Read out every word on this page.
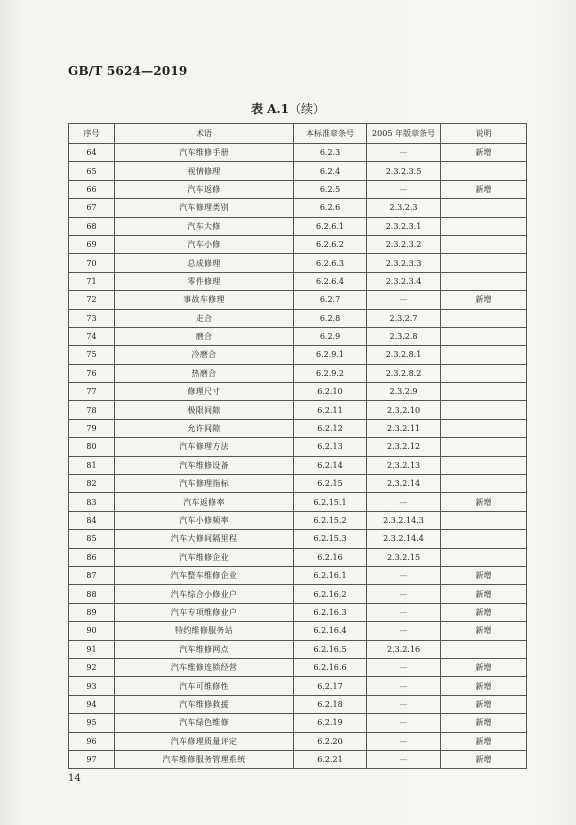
GB/T 5624—2019
表 A.1（续）
序号	术语	本标准章条号	2005 年版章条号	说明
64	汽车维修手册	6.2.3	—	新增
65	视情修理	6.2.4	2.3.2.3.5	
66	汽车返修	6.2.5	—	新增
67	汽车修理类别	6.2.6	2.3.2.3	
68	汽车大修	6.2.6.1	2.3.2.3.1	
69	汽车小修	6.2.6.2	2.3.2.3.2	
70	总成修理	6.2.6.3	2.3.2.3.3	
71	零件修理	6.2.6.4	2.3.2.3.4	
72	事故车修理	6.2.7	—	新增
73	走合	6.2.8	2.3.2.7	
74	磨合	6.2.9	2.3.2.8	
75	冷磨合	6.2.9.1	2.3.2.8.1	
76	热磨合	6.2.9.2	2.3.2.8.2	
77	修理尺寸	6.2.10	2.3.2.9	
78	极限间隙	6.2.11	2.3.2.10	
79	允许间隙	6.2.12	2.3.2.11	
80	汽车修理方法	6.2.13	2.3.2.12	
81	汽车维修设备	6.2.14	2.3.2.13	
82	汽车修理指标	6.2.15	2.3.2.14	
83	汽车返修率	6.2.15.1	—	新增
84	汽车小修频率	6.2.15.2	2.3.2.14.3	
85	汽车大修间隔里程	6.2.15.3	2.3.2.14.4	
86	汽车维修企业	6.2.16	2.3.2.15	
87	汽车整车维修企业	6.2.16.1	—	新增
88	汽车综合小修业户	6.2.16.2	—	新增
89	汽车专项维修业户	6.2.16.3	—	新增
90	特约维修服务站	6.2.16.4	—	新增
91	汽车维修网点	6.2.16.5	2.3.2.16	
92	汽车维修连锁经营	6.2.16.6	—	新增
93	汽车可维修性	6.2.17	—	新增
94	汽车维修救援	6.2.18	—	新增
95	汽车绿色维修	6.2.19	—	新增
96	汽车修理质量评定	6.2.20	—	新增
97	汽车维修服务管理系统	6.2.21	—	新增
14
